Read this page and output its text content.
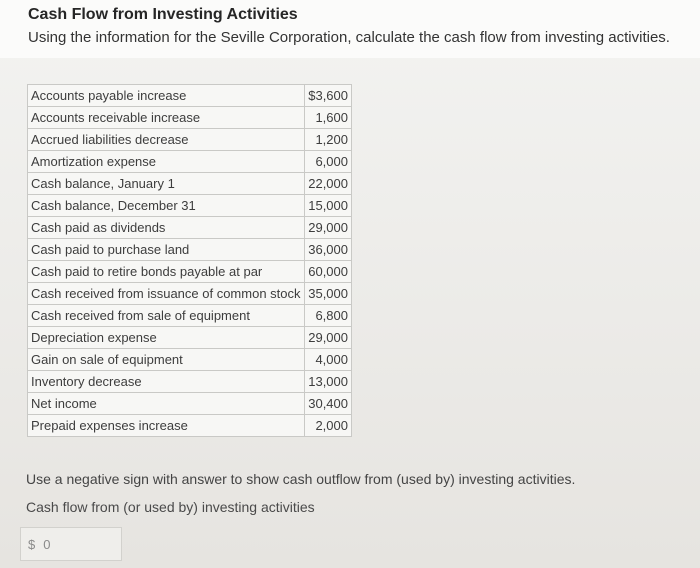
Cash Flow from Investing Activities
Using the information for the Seville Corporation, calculate the cash flow from investing activities.
Accounts payable increase	$3,600
Accounts receivable increase	1,600
Accrued liabilities decrease	1,200
Amortization expense	6,000
Cash balance, January 1	22,000
Cash balance, December 31	15,000
Cash paid as dividends	29,000
Cash paid to purchase land	36,000
Cash paid to retire bonds payable at par	60,000
Cash received from issuance of common stock	35,000
Cash received from sale of equipment	6,800
Depreciation expense	29,000
Gain on sale of equipment	4,000
Inventory decrease	13,000
Net income	30,400
Prepaid expenses increase	2,000
Use a negative sign with answer to show cash outflow from (used by) investing activities.
Cash flow from (or used by) investing activities
$ 0
